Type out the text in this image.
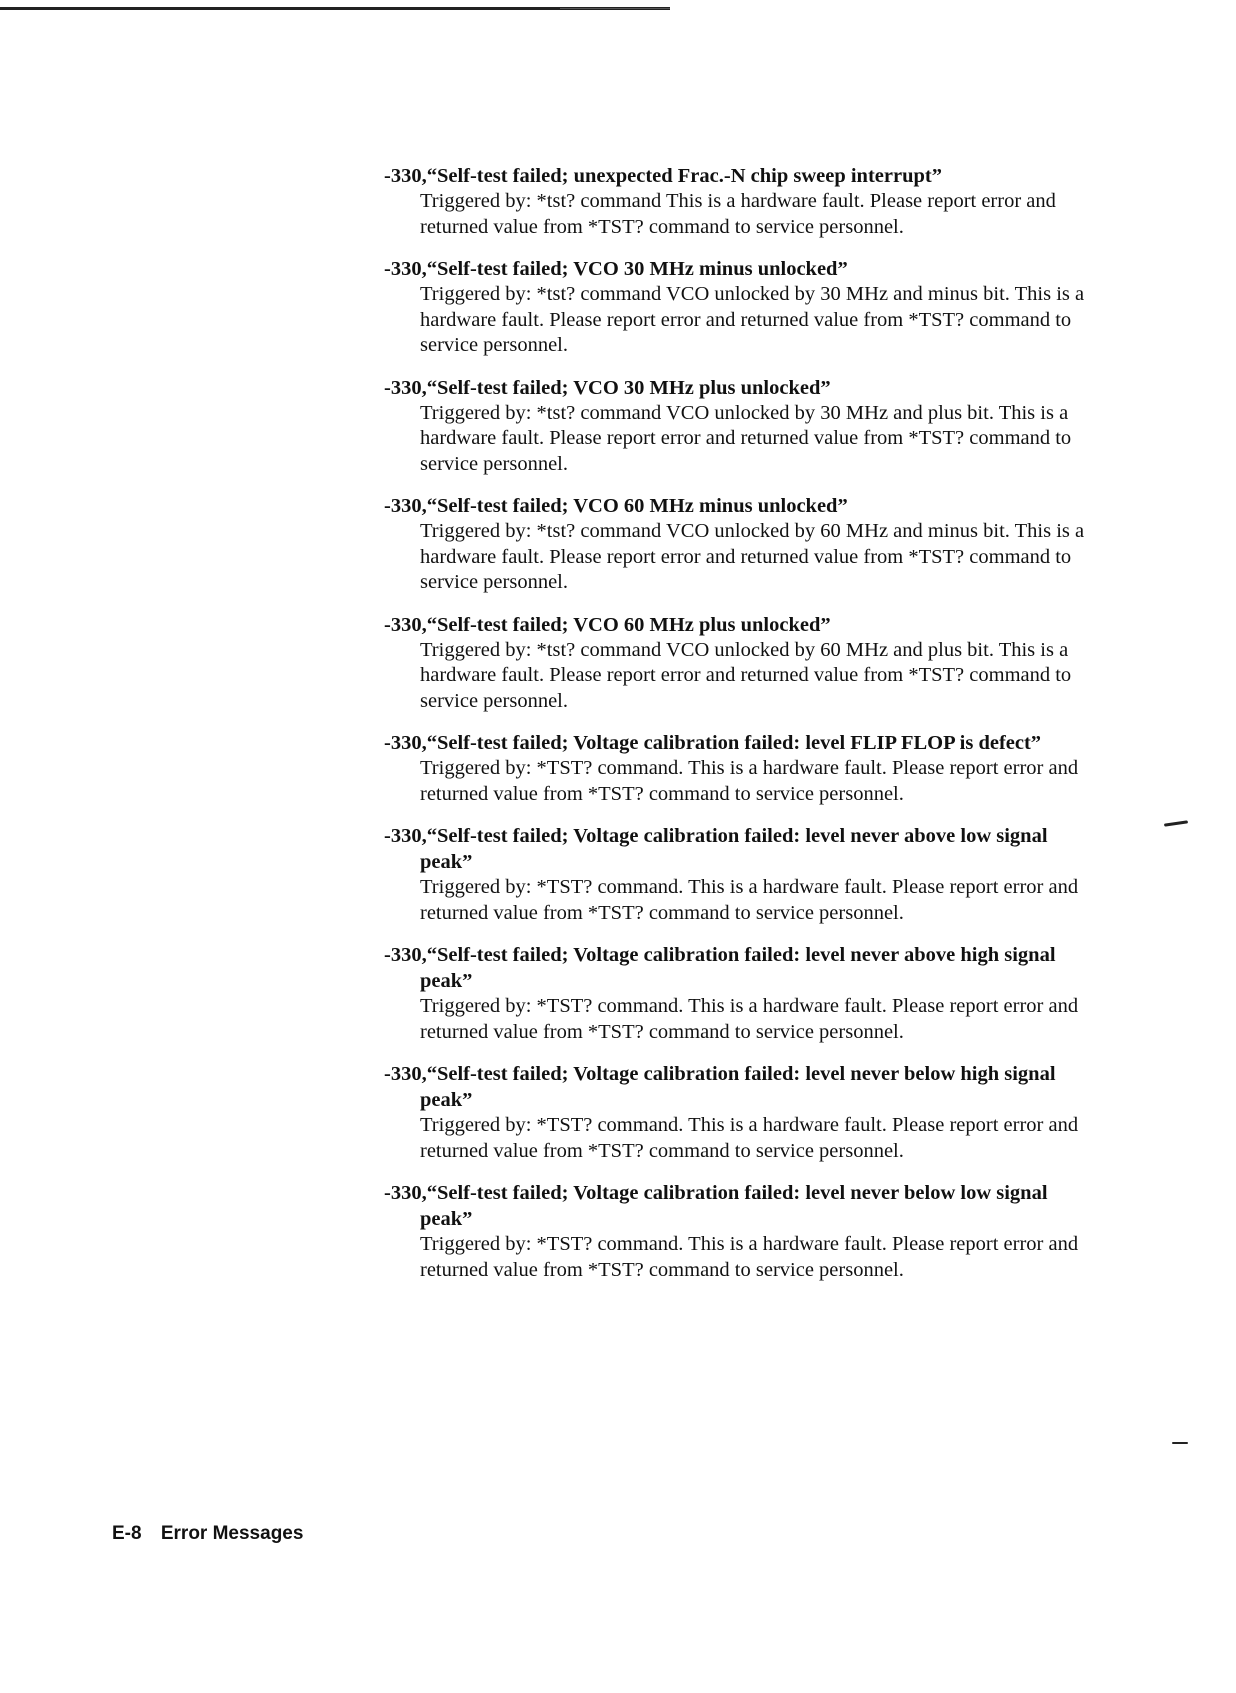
-330,“Self-test failed; unexpected Frac.-N chip sweep interrupt”

Triggered by: *tst? command This is a hardware fault. Please report error and returned value from *TST? command to service personnel.

-330,“Self-test failed; VCO 30 MHz minus unlocked”

Triggered by: *tst? command VCO unlocked by 30 MHz and minus bit. This is a hardware fault. Please report error and returned value from *TST? command to service personnel.

-330,“Self-test failed; VCO 30 MHz plus unlocked”

Triggered by: *tst? command VCO unlocked by 30 MHz and plus bit. This is a hardware fault. Please report error and returned value from *TST? command to service personnel.

-330,“Self-test failed; VCO 60 MHz minus unlocked”

Triggered by: *tst? command VCO unlocked by 60 MHz and minus bit. This is a hardware fault. Please report error and returned value from *TST? command to service personnel.

-330,“Self-test failed; VCO 60 MHz plus unlocked”

Triggered by: *tst? command VCO unlocked by 60 MHz and plus bit. This is a hardware fault. Please report error and returned value from *TST? command to service personnel.

-330,“Self-test failed; Voltage calibration failed: level FLIP FLOP is defect”

Triggered by: *TST? command. This is a hardware fault. Please report error and returned value from *TST? command to service personnel.

-330,“Self-test failed; Voltage calibration failed: level never above low signal peak”

Triggered by: *TST? command. This is a hardware fault. Please report error and returned value from *TST? command to service personnel.

-330,“Self-test failed; Voltage calibration failed: level never above high signal peak”

Triggered by: *TST? command. This is a hardware fault. Please report error and returned value from *TST? command to service personnel.

-330,“Self-test failed; Voltage calibration failed: level never below high signal peak”

Triggered by: *TST? command. This is a hardware fault. Please report error and returned value from *TST? command to service personnel.

-330,“Self-test failed; Voltage calibration failed: level never below low signal peak”

Triggered by: *TST? command. This is a hardware fault. Please report error and returned value from *TST? command to service personnel.

E-8 Error Messages
